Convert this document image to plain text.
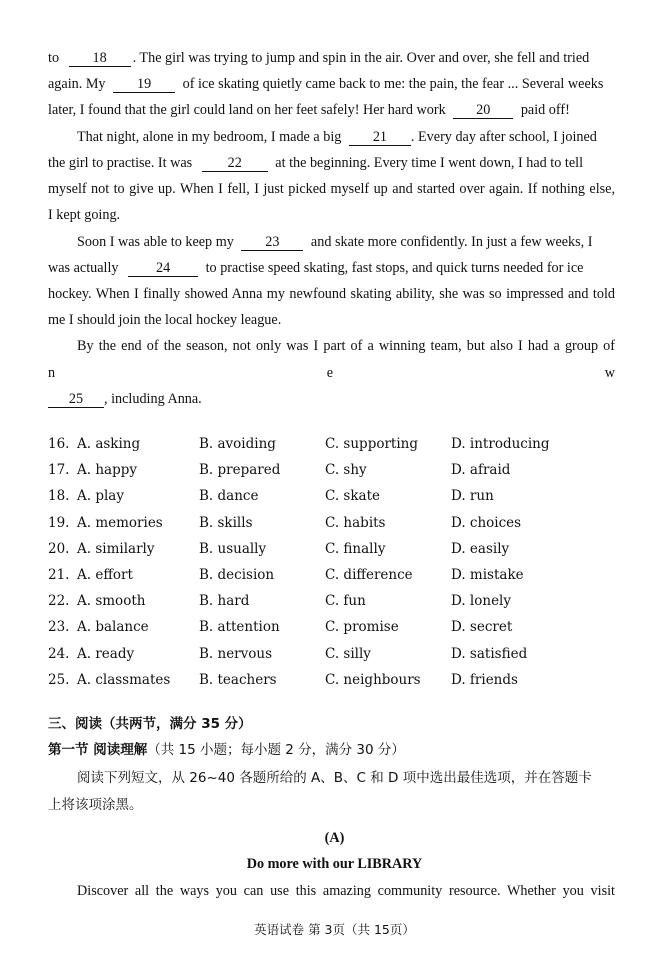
to 18 . The girl was trying to jump and spin in the air. Over and over, she fell and tried
again. My 19 of ice skating quietly came back to me: the pain, the fear ... Several weeks
later, I found that the girl could land on her feet safely! Her hard work 20 paid off!
That night, alone in my bedroom, I made a big 21 . Every day after school, I joined
the girl to practise. It was 22 at the beginning. Every time I went down, I had to tell
myself not to give up. When I fell, I just picked myself up and started over again. If nothing else,
I kept going.
Soon I was able to keep my 23 and skate more confidently. In just a few weeks, I
was actually	24 to practise speed skating, fast stops, and quick turns needed for ice
hockey. When I finally showed Anna my newfound skating ability, she was so impressed and told
me I should join the local hockey league.
By the end of the season, not only was I part of a winning team, but also I had a group of
n	e	w
25 , including Anna.
16. A. asking	B. avoiding	C. supporting D. introducing
17. A. happy	B. prepared	C. shy	D. afraid
18. A. play	B. dance	C. skate	D. run
19. A. memories	B. skills	C. habits	D. choices
20. A. similarly	B. usually	C. finally	D. easily
21. A. effort	B. decision	C. difference	D. mistake
22. A. smooth	B. hard	C. fun	D. lonely
23. A. balance	B. attention	C. promise	D. secret
24. A. ready	B. nervous	C. silly	D. satisfied
25. A. classmates B. teachers	C. neighbours D. friends
三、阅读（共两节，满分 35 分）
第一节 阅读理解（共 15 小题；每小题 2 分，满分 30 分）
阅读下列短文，从 26~40 各题所给的 A、B、C 和 D 项中选出最佳选项，并在答题卡
上将该项涂黑。
(A)
Do more with our LIBRARY
Discover all the ways you can use this amazing community resource. Whether you visit
英语试卷 第 3页（共 15页）
